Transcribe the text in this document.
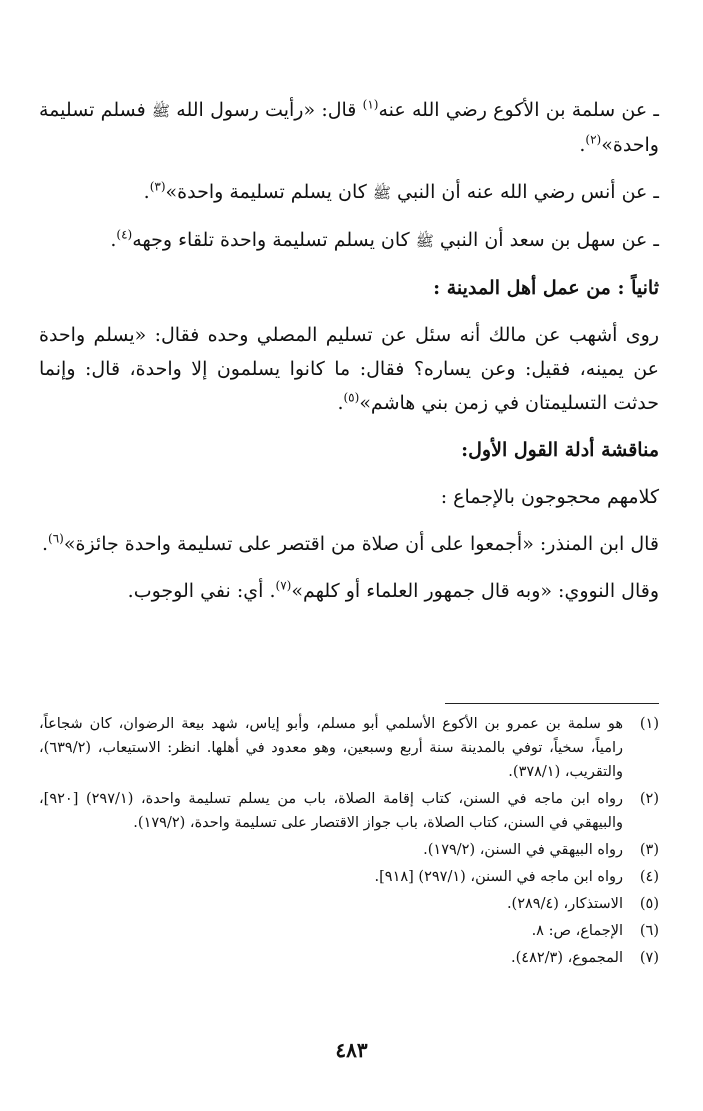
ـ عن سلمة بن الأكوع رضي الله عنه$^{(١)}$ قال: «رأيت رسول الله ﷺ فسلم تسليمة واحدة»$^{(٢)}$.

ـ عن أنس رضي الله عنه أن النبي ﷺ كان يسلم تسليمة واحدة»$^{(٣)}$.

ـ عن سهل بن سعد أن النبي ﷺ كان يسلم تسليمة واحدة تلقاء وجهه$^{(٤)}$.

ثانياً : من عمل أهل المدينة :

روى أشهب عن مالك أنه سئل عن تسليم المصلي وحده فقال: «يسلم واحدة عن يمينه، فقيل: وعن يساره؟ فقال: ما كانوا يسلمون إلا واحدة، قال: وإنما حدثت التسليمتان في زمن بني هاشم»$^{(٥)}$.

مناقشة أدلة القول الأول:

كلامهم محجوجون بالإجماع :

قال ابن المنذر: «أجمعوا على أن صلاة من اقتصر على تسليمة واحدة جائزة»$^{(٦)}$.

وقال النووي: «وبه قال جمهور العلماء أو كلهم»$^{(٧)}$. أي: نفي الوجوب.

(١)
هو سلمة بن عمرو بن الأكوع الأسلمي أبو مسلم، وأبو إياس، شهد بيعة الرضوان، كان شجاعاً، رامياً، سخياً، توفي بالمدينة سنة أربع وسبعين، وهو معدود في أهلها. انظر: الاستيعاب، (٦٣٩/٢)، والتقريب، (٣٧٨/١).
(٢)
رواه ابن ماجه في السنن، كتاب إقامة الصلاة، باب من يسلم تسليمة واحدة، (٢٩٧/١) [٩٢٠]، والبيهقي في السنن، كتاب الصلاة، باب جواز الاقتصار على تسليمة واحدة، (١٧٩/٢).
(٣)
رواه البيهقي في السنن، (١٧٩/٢).
(٤)
رواه ابن ماجه في السنن، (٢٩٧/١) [٩١٨].
(٥)
الاستذكار، (٢٨٩/٤).
(٦)
الإجماع، ص: ٨.
(٧)
المجموع، (٤٨٢/٣).
٤٨٣
